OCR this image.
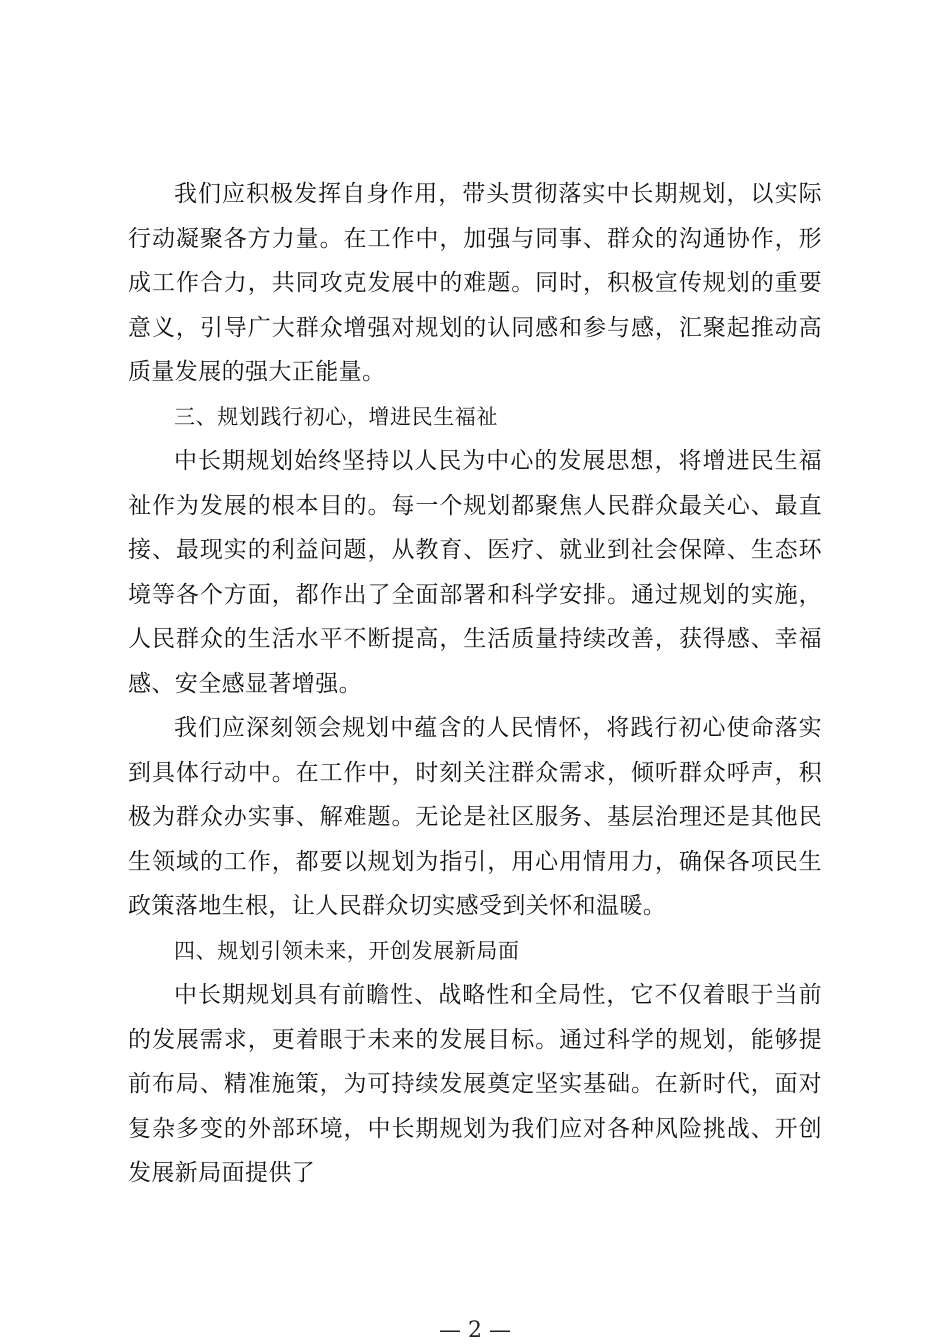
我们应积极发挥自身作用，带头贯彻落实中长期规划，以实际行动凝聚各方力量。在工作中，加强与同事、群众的沟通协作，形成工作合力，共同攻克发展中的难题。同时，积极宣传规划的重要意义，引导广大群众增强对规划的认同感和参与感，汇聚起推动高质量发展的强大正能量。

三、规划践行初心，增进民生福祉

中长期规划始终坚持以人民为中心的发展思想，将增进民生福祉作为发展的根本目的。每一个规划都聚焦人民群众最关心、最直接、最现实的利益问题，从教育、医疗、就业到社会保障、生态环境等各个方面，都作出了全面部署和科学安排。通过规划的实施，人民群众的生活水平不断提高，生活质量持续改善，获得感、幸福感、安全感显著增强。

我们应深刻领会规划中蕴含的人民情怀，将践行初心使命落实到具体行动中。在工作中，时刻关注群众需求，倾听群众呼声，积极为群众办实事、解难题。无论是社区服务、基层治理还是其他民生领域的工作，都要以规划为指引，用心用情用力，确保各项民生政策落地生根，让人民群众切实感受到关怀和温暖。

四、规划引领未来，开创发展新局面

中长期规划具有前瞻性、战略性和全局性，它不仅着眼于当前的发展需求，更着眼于未来的发展目标。通过科学的规划，能够提前布局、精准施策，为可持续发展奠定坚实基础。在新时代，面对复杂多变的外部环境，中长期规划为我们应对各种风险挑战、开创发展新局面提供了

— 2 —
